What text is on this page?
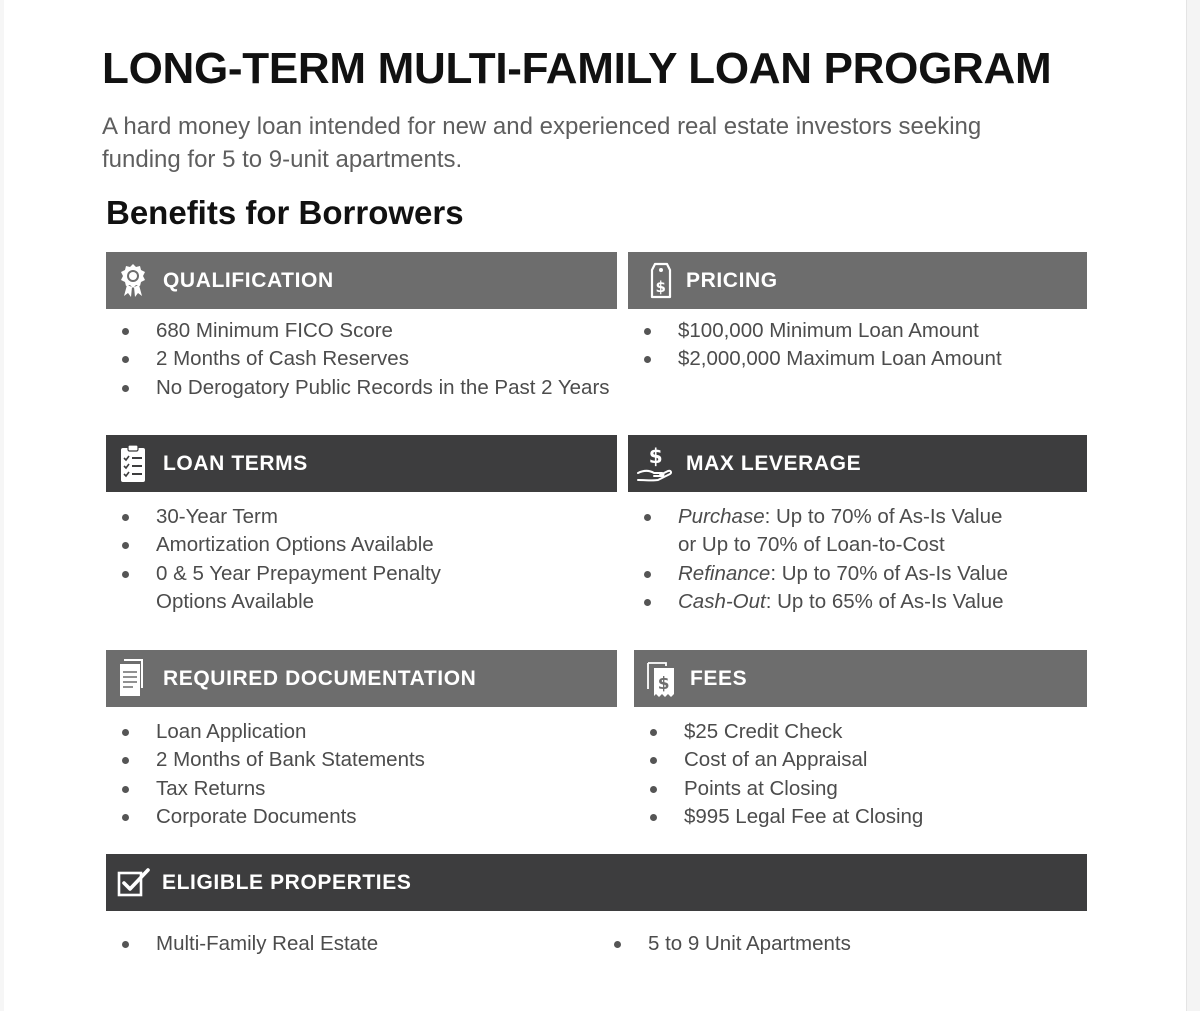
LONG-TERM MULTI-FAMILY LOAN PROGRAM

A hard money loan intended for new and experienced real estate investors seeking funding for 5 to 9-unit apartments.

Benefits for Borrowers
QUALIFICATION
680 Minimum FICO Score
2 Months of Cash Reserves
No Derogatory Public Records in the Past 2 Years
$ PRICING
$100,000 Minimum Loan Amount
$2,000,000 Maximum Loan Amount
LOAN TERMS
30-Year Term
Amortization Options Available
0 & 5 Year Prepayment Penalty
Options Available
$ MAX LEVERAGE
Purchase: Up to 70% of As-Is Value
or Up to 70% of Loan-to-Cost
Refinance: Up to 70% of As-Is Value
Cash-Out: Up to 65% of As-Is Value
REQUIRED DOCUMENTATION
Loan Application
2 Months of Bank Statements
Tax Returns
Corporate Documents
$ FEES
$25 Credit Check
Cost of an Appraisal
Points at Closing
$995 Legal Fee at Closing
ELIGIBLE PROPERTIES
Multi-Family Real Estate	5 to 9 Unit Apartments
